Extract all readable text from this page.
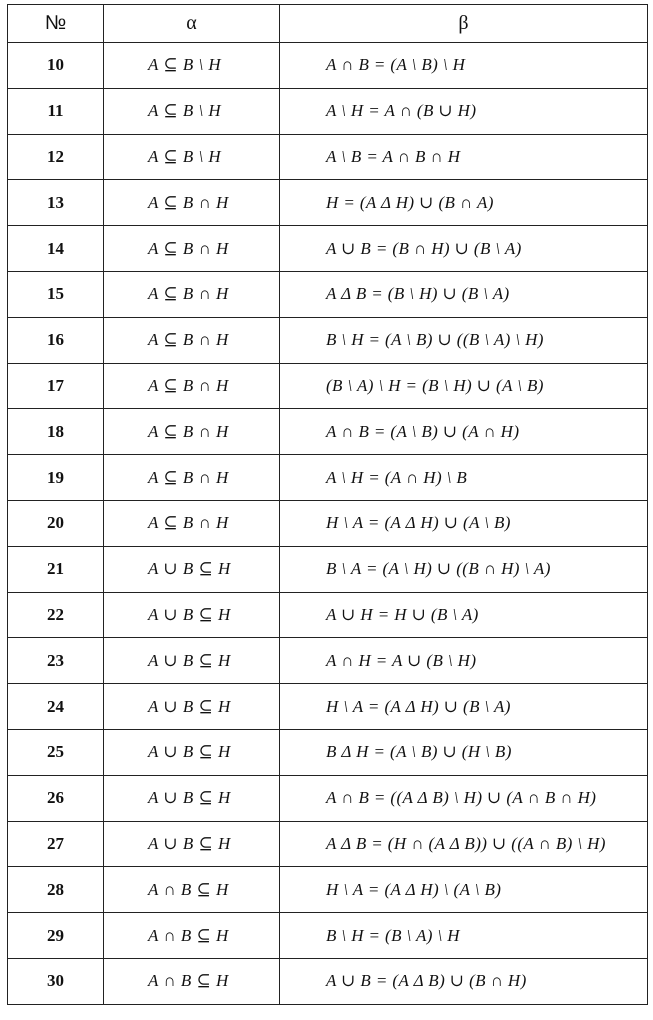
№	α	β
10	A ⊆ B \ H	A ∩ B = (A \ B) \ H
11	A ⊆ B \ H	A \ H = A ∩ (B ∪ H)
12	A ⊆ B \ H	A \ B = A ∩ B ∩ H
13	A ⊆ B ∩ H	H = (A Δ H) ∪ (B ∩ A)
14	A ⊆ B ∩ H	A ∪ B = (B ∩ H) ∪ (B \ A)
15	A ⊆ B ∩ H	A Δ B = (B \ H) ∪ (B \ A)
16	A ⊆ B ∩ H	B \ H = (A \ B) ∪ ((B \ A) \ H)
17	A ⊆ B ∩ H	(B \ A) \ H = (B \ H) ∪ (A \ B)
18	A ⊆ B ∩ H	A ∩ B = (A \ B) ∪ (A ∩ H)
19	A ⊆ B ∩ H	A \ H = (A ∩ H) \ B
20	A ⊆ B ∩ H	H \ A = (A Δ H) ∪ (A \ B)
21	A ∪ B ⊆ H	B \ A = (A \ H) ∪ ((B ∩ H) \ A)
22	A ∪ B ⊆ H	A ∪ H = H ∪ (B \ A)
23	A ∪ B ⊆ H	A ∩ H = A ∪ (B \ H)
24	A ∪ B ⊆ H	H \ A = (A Δ H) ∪ (B \ A)
25	A ∪ B ⊆ H	B Δ H = (A \ B) ∪ (H \ B)
26	A ∪ B ⊆ H	A ∩ B = ((A Δ B) \ H) ∪ (A ∩ B ∩ H)
27	A ∪ B ⊆ H	A Δ B = (H ∩ (A Δ B)) ∪ ((A ∩ B) \ H)
28	A ∩ B ⊆ H	H \ A = (A Δ H) \ (A \ B)
29	A ∩ B ⊆ H	B \ H = (B \ A) \ H
30	A ∩ B ⊆ H	A ∪ B = (A Δ B) ∪ (B ∩ H)
